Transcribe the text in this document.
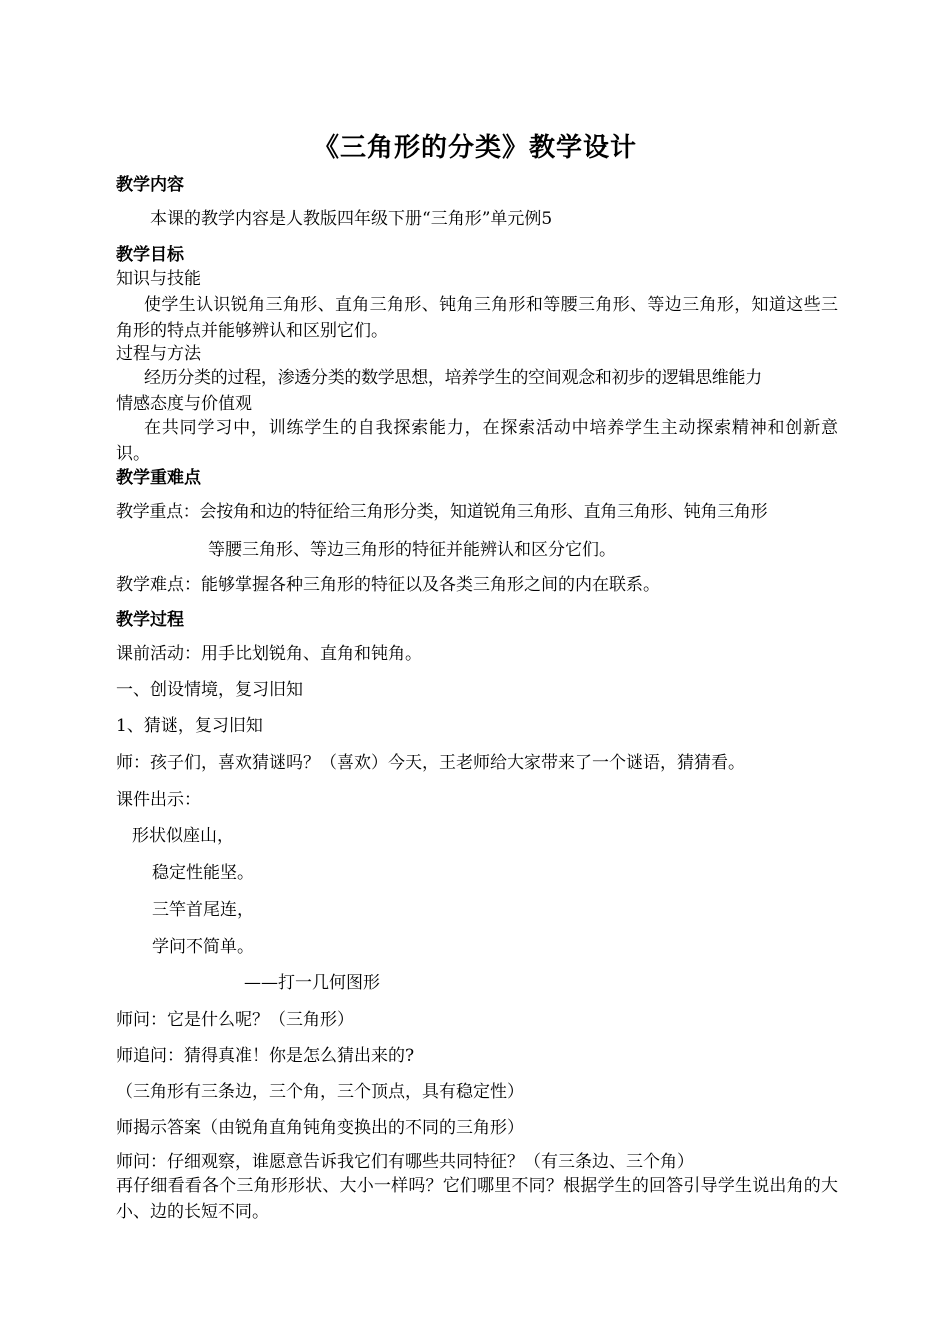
《三角形的分类》教学设计
教学内容
本课的教学内容是人教版四年级下册“三角形”单元例5
教学目标
知识与技能
使学生认识锐角三角形、直角三角形、钝角三角形和等腰三角形、等边三角形，知道这些三角形的特点并能够辨认和区别它们。
过程与方法
经历分类的过程，渗透分类的数学思想，培养学生的空间观念和初步的逻辑思维能力
情感态度与价值观
在共同学习中，训练学生的自我探索能力，在探索活动中培养学生主动探索精神和创新意识。
教学重难点
教学重点：会按角和边的特征给三角形分类，知道锐角三角形、直角三角形、钝角三角形
等腰三角形、等边三角形的特征并能辨认和区分它们。
教学难点：能够掌握各种三角形的特征以及各类三角形之间的内在联系。
教学过程
课前活动：用手比划锐角、直角和钝角。
一、创设情境，复习旧知
1、猜谜，复习旧知
师：孩子们，喜欢猜谜吗？（喜欢）今天，王老师给大家带来了一个谜语，猜猜看。
课件出示：
形状似座山，
稳定性能坚。
三竿首尾连，
学问不简单。
——打一几何图形
师问：它是什么呢？（三角形）
师追问：猜得真准！你是怎么猜出来的?
（三角形有三条边，三个角，三个顶点，具有稳定性）
师揭示答案（由锐角直角钝角变换出的不同的三角形）
师问：仔细观察，谁愿意告诉我它们有哪些共同特征？（有三条边、三个角）
再仔细看看各个三角形形状、大小一样吗？它们哪里不同？根据学生的回答引导学生说出角的大小、边的长短不同。
